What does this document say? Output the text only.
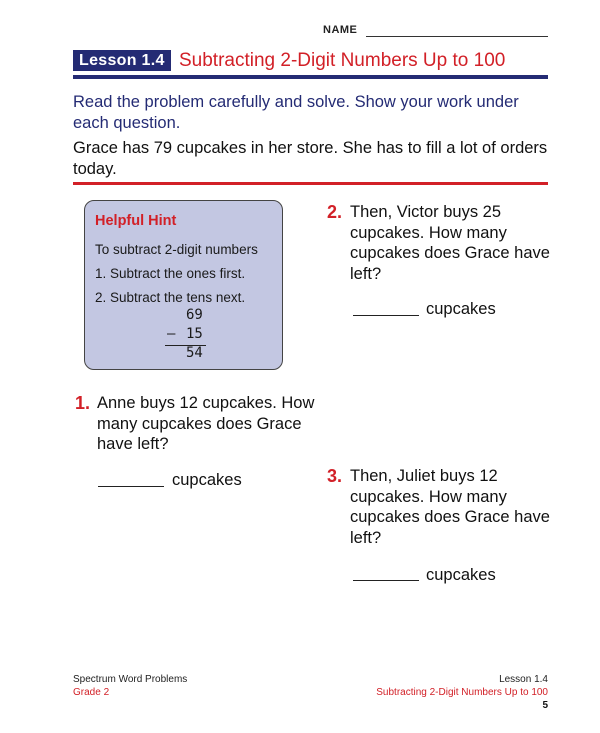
NAME
Lesson 1.4 Subtracting 2-Digit Numbers Up to 100
Read the problem carefully and solve. Show your work under each question.
Grace has 79 cupcakes in her store. She has to fill a lot of orders today.
Helpful Hint
To subtract 2-digit numbers
1. Subtract the ones first.
2. Subtract the tens next.
69
– 15
54
1. Anne buys 12 cupcakes. How many cupcakes does Grace have left?
cupcakes
2. Then, Victor buys 25 cupcakes. How many cupcakes does Grace have left?
cupcakes
3. Then, Juliet buys 12 cupcakes. How many cupcakes does Grace have left?
cupcakes
Spectrum Word Problems
Grade 2
Lesson 1.4
Subtracting 2-Digit Numbers Up to 100
5
